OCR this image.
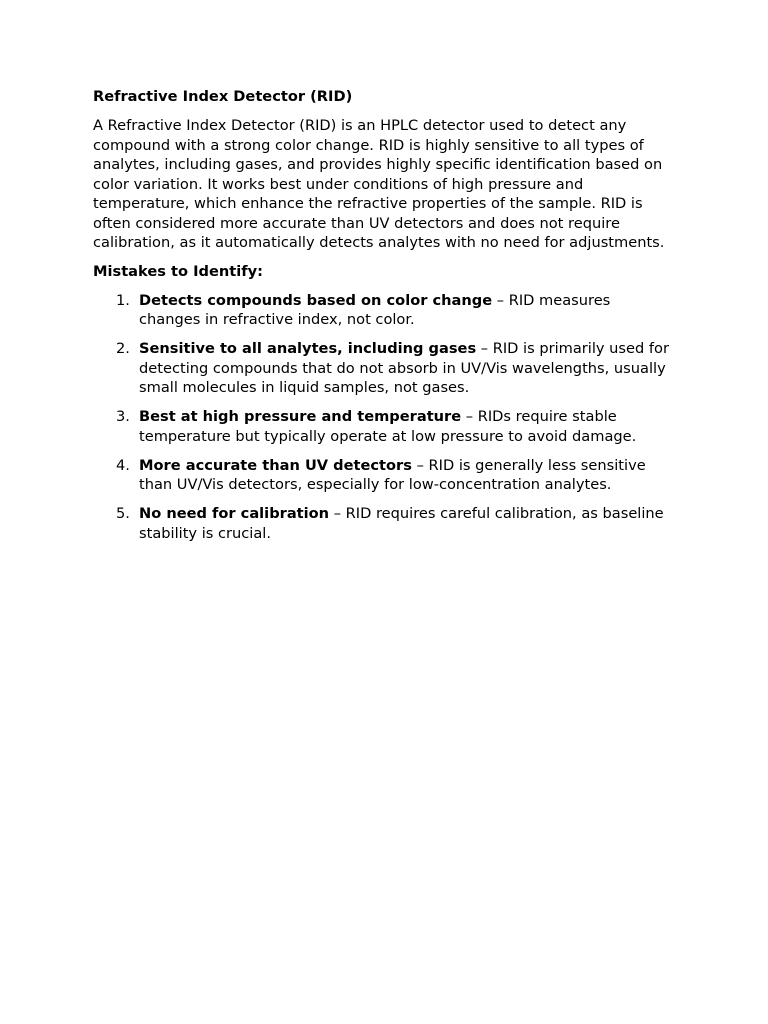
Refractive Index Detector (RID)
A Refractive Index Detector (RID) is an HPLC detector used to detect any compound with a strong color change. RID is highly sensitive to all types of analytes, including gases, and provides highly specific identification based on color variation. It works best under conditions of high pressure and temperature, which enhance the refractive properties of the sample. RID is often considered more accurate than UV detectors and does not require calibration, as it automatically detects analytes with no need for adjustments.
Mistakes to Identify:
1. Detects compounds based on color change – RID measures changes in refractive index, not color.
2. Sensitive to all analytes, including gases – RID is primarily used for detecting compounds that do not absorb in UV/Vis wavelengths, usually small molecules in liquid samples, not gases.
3. Best at high pressure and temperature – RIDs require stable temperature but typically operate at low pressure to avoid damage.
4. More accurate than UV detectors – RID is generally less sensitive than UV/Vis detectors, especially for low-concentration analytes.
5. No need for calibration – RID requires careful calibration, as baseline stability is crucial.
